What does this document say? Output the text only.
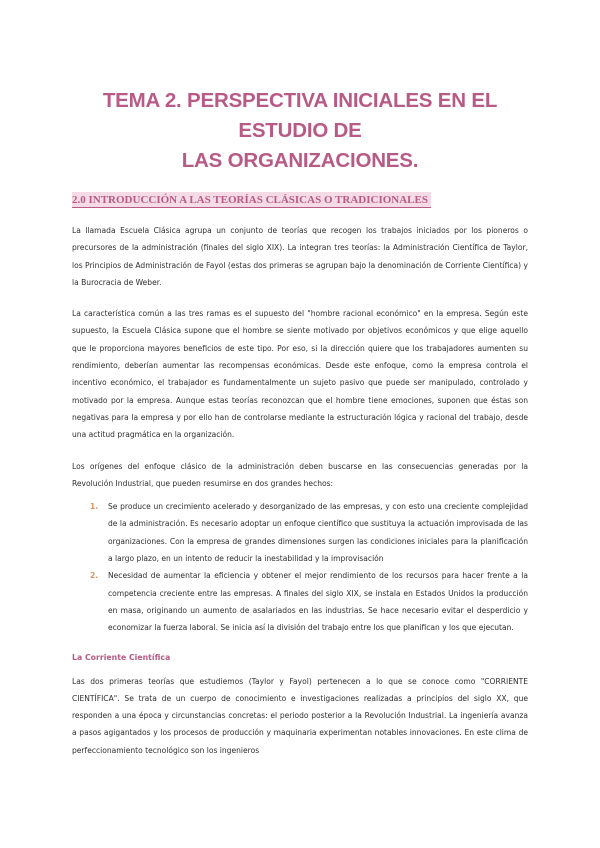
TEMA 2. PERSPECTIVA INICIALES EN EL ESTUDIO DE
LAS ORGANIZACIONES.
2.0 INTRODUCCIÓN A LAS TEORÍAS CLÁSICAS O TRADICIONALES

La llamada Escuela Clásica agrupa un conjunto de teorías que recogen los trabajos iniciados por los pioneros o precursores de la administración (finales del siglo XIX). La integran tres teorías: la Administración Científica de Taylor, los Principios de Administración de Fayol (estas dos primeras se agrupan bajo la denominación de Corriente Científica) y la Burocracia de Weber.

La característica común a las tres ramas es el supuesto del "hombre racional económico" en la empresa. Según este supuesto, la Escuela Clásica supone que el hombre se siente motivado por objetivos económicos y que elige aquello que le proporciona mayores beneficios de este tipo. Por eso, si la dirección quiere que los trabajadores aumenten su rendimiento, deberían aumentar las recompensas económicas. Desde este enfoque, como la empresa controla el incentivo económico, el trabajador es fundamentalmente un sujeto pasivo que puede ser manipulado, controlado y motivado por la empresa. Aunque estas teorías reconozcan que el hombre tiene emociones, suponen que éstas son negativas para la empresa y por ello han de controlarse mediante la estructuración lógica y racional del trabajo, desde una actitud pragmática en la organización.

Los orígenes del enfoque clásico de la administración deben buscarse en las consecuencias generadas por la Revolución Industrial, que pueden resumirse en dos grandes hechos:

1. Se produce un crecimiento acelerado y desorganizado de las empresas, y con esto una creciente complejidad de la administración. Es necesario adoptar un enfoque científico que sustituya la actuación improvisada de las organizaciones. Con la empresa de grandes dimensiones surgen las condiciones iniciales para la planificación a largo plazo, en un intento de reducir la inestabilidad y la improvisación
2. Necesidad de aumentar la eficiencia y obtener el mejor rendimiento de los recursos para hacer frente a la competencia creciente entre las empresas. A finales del siglo XIX, se instala en Estados Unidos la producción en masa, originando un aumento de asalariados en las industrias. Se hace necesario evitar el desperdicio y economizar la fuerza laboral. Se inicia así la división del trabajo entre los que planifican y los que ejecutan.
La Corriente Científica

Las dos primeras teorías que estudiemos (Taylor y Fayol) pertenecen a lo que se conoce como "CORRIENTE CIENTÍFICA". Se trata de un cuerpo de conocimiento e investigaciones realizadas a principios del siglo XX, que responden a una época y circunstancias concretas: el periodo posterior a la Revolución Industrial. La ingeniería avanza a pasos agigantados y los procesos de producción y maquinaria experimentan notables innovaciones. En este clima de perfeccionamiento tecnológico son los ingenieros
